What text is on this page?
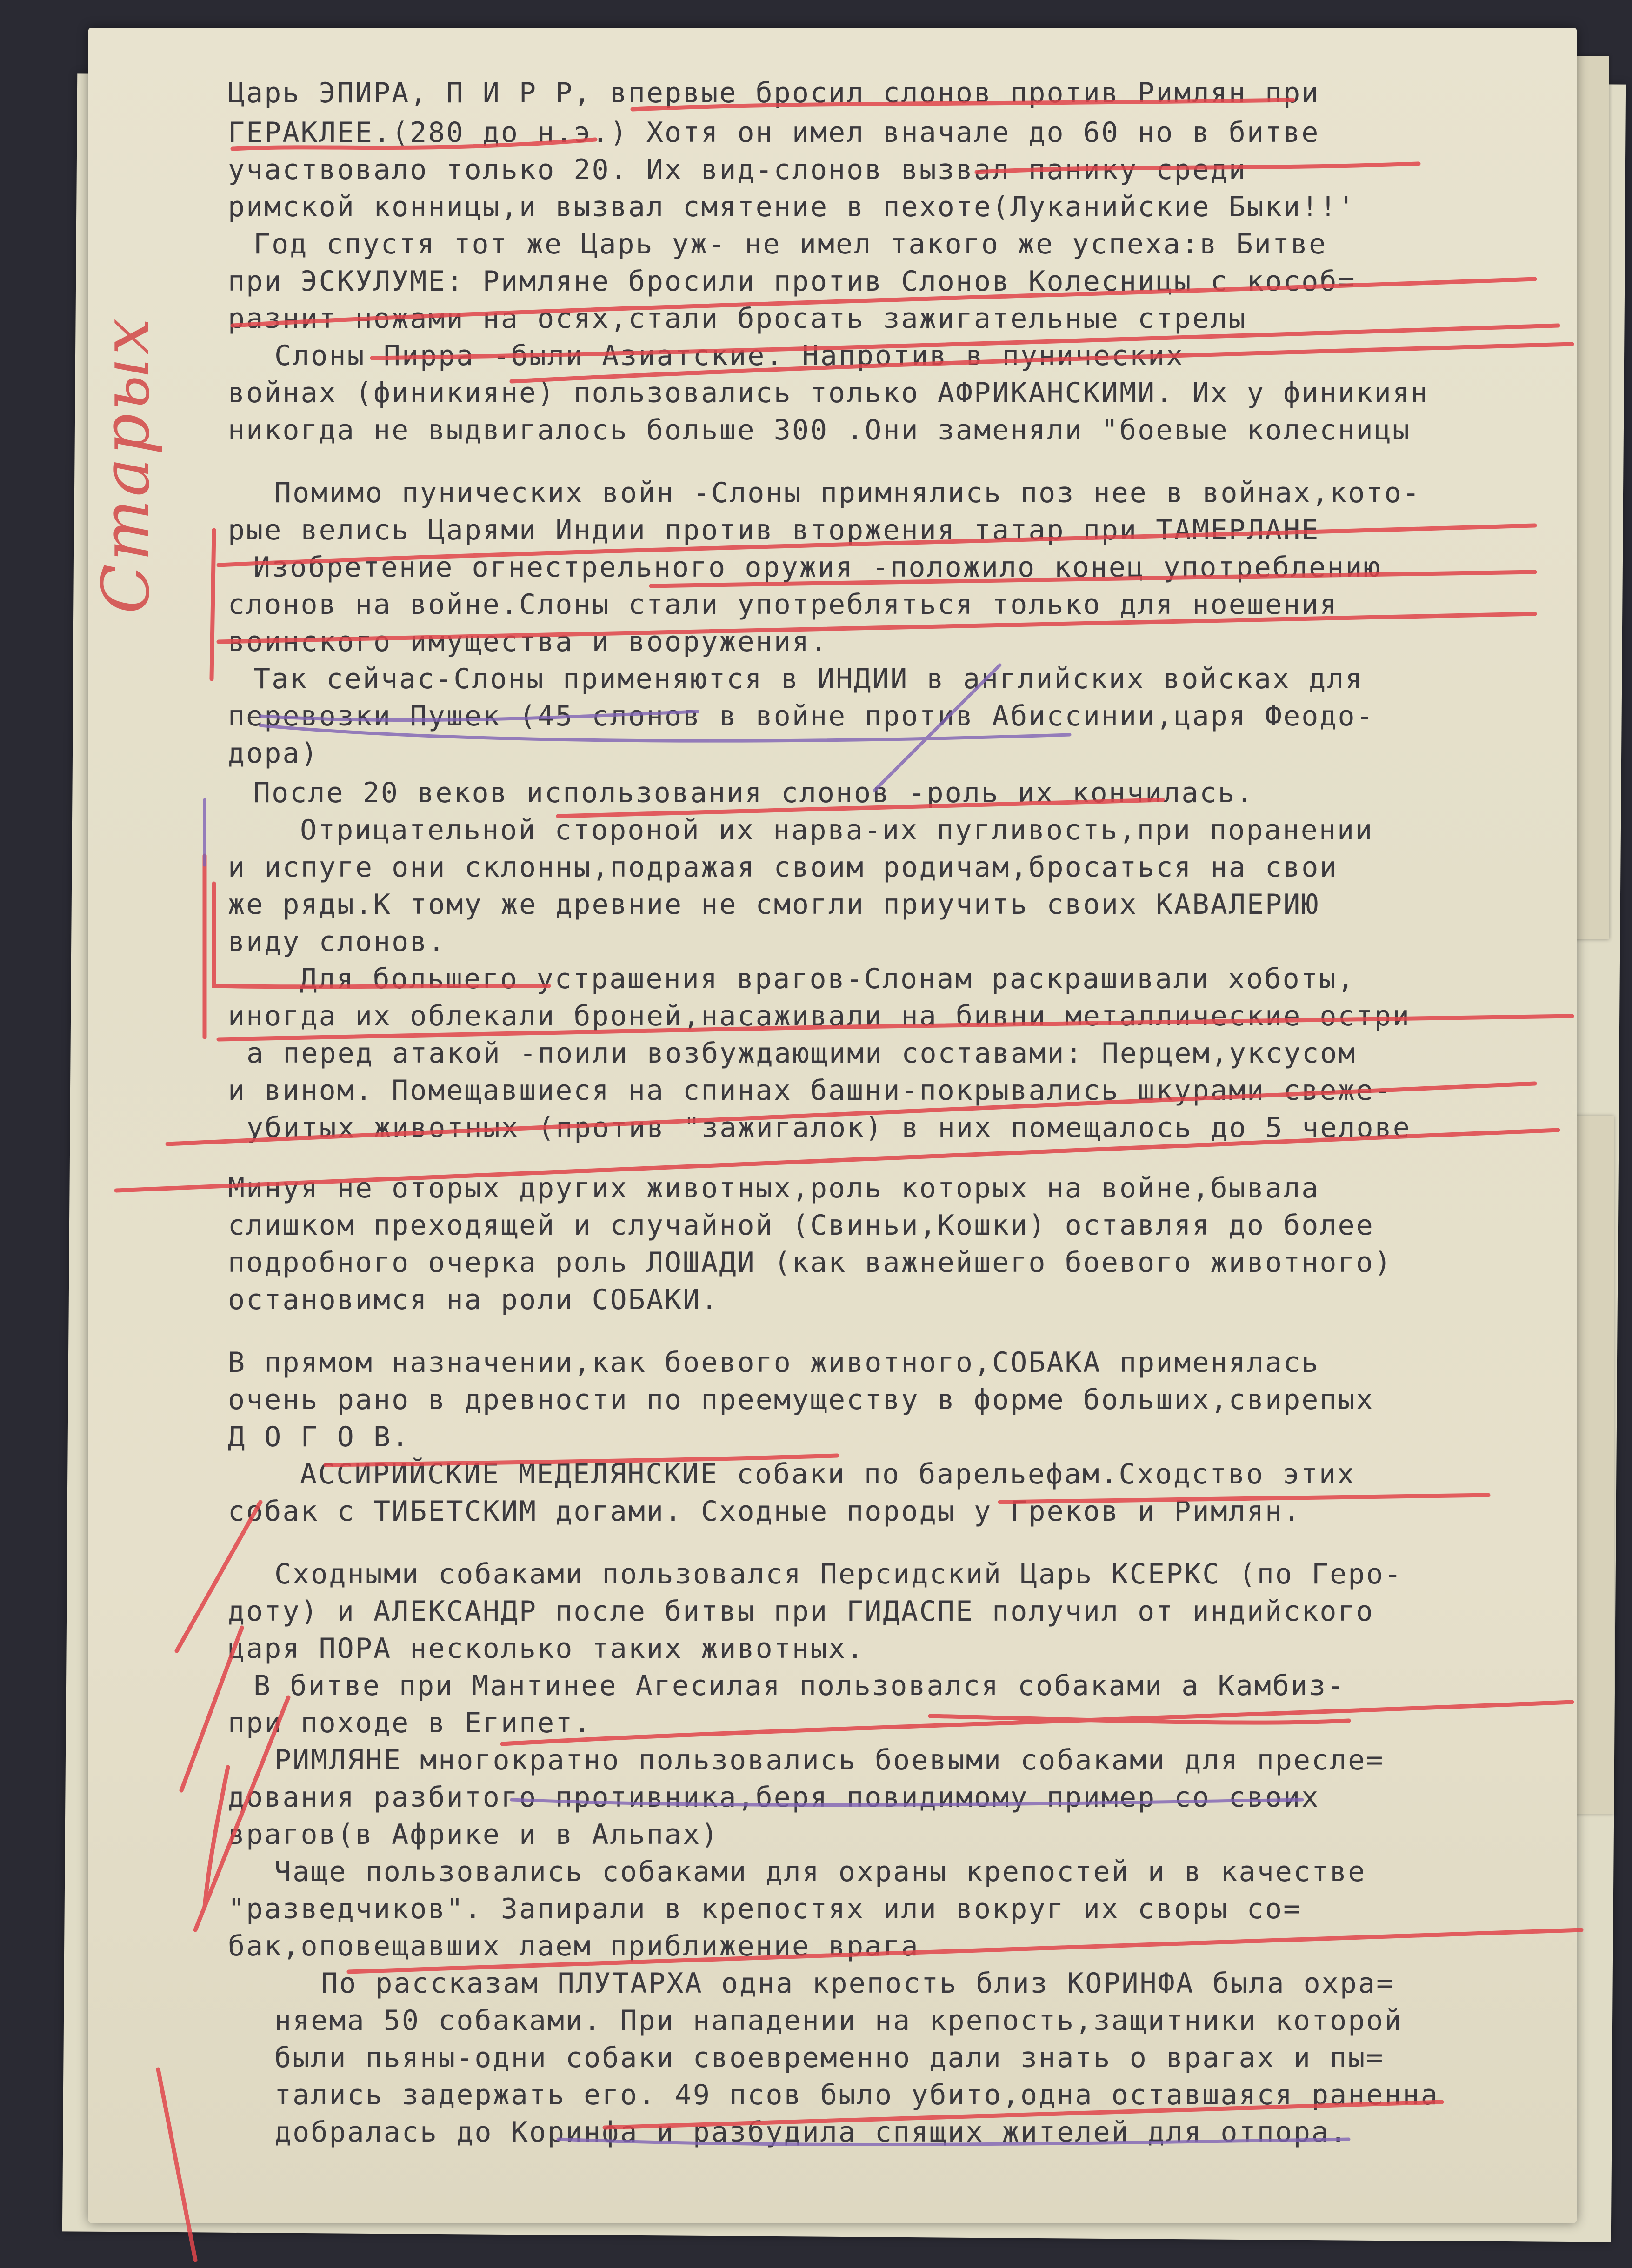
Старых

Царь ЭПИРА, П И Р Р, впервые бросил слонов против Римлян при

ГЕРАКЛЕЕ.(280 до н.э.) Хотя он имел вначале до 60 но в битве

участвовало только 20. Их вид-слонов вызвал панику среди

римской конницы,и вызвал смятение в пехоте(Луканийские Быки!!'

Год спустя тот же Царь уж- не имел такого же успеха:в Битве

при ЭСКУЛУМЕ: Римляне бросили против Слонов Колесницы с кособ=

разнит ножами на осях,стали бросать зажигательные стрелы

Слоны Пирра -были Азиатские. Напротив в пунических

войнах (финикияне) пользовались только АФРИКАНСКИМИ. Их у финикиян

никогда не выдвигалось больше 300 .Они заменяли "боевые колесницы

Помимо пунических войн -Слоны примнялись поз нее в войнах,кото-

рые велись Царями Индии против вторжения татар при ТАМЕРЛАНЕ

Изобретение огнестрельного оружия -положило конец употреблению

слонов на войне.Слоны стали употребляться только для ноешения

воинского имущества и вооружения.

Так сейчас-Слоны применяются в ИНДИИ в английских войсках для

перевозки Пушек (45 слонов в войне против Абиссинии,царя Феодо-

дора)

После 20 веков использования слонов -роль их кончилась.

Отрицательной стороной их нарва-их пугливость,при поранении

и испуге они склонны,подражая своим родичам,бросаться на свои

же ряды.К тому же древние не смогли приучить своих КАВАЛЕРИЮ

виду слонов.

Для большего устрашения врагов-Слонам раскрашивали хоботы,

иногда их облекали броней,насаживали на бивни металлические остри

а перед атакой -поили возбуждающими составами: Перцем,уксусом

и вином. Помещавшиеся на спинах башни-покрывались шкурами свеже-

убитых животных (против "зажигалок) в них помещалось до 5 челове

Минуя не оторых других животных,роль которых на войне,бывала

слишком преходящей и случайной (Свиньи,Кошки) оставляя до более

подробного очерка роль ЛОШАДИ (как важнейшего боевого животного)

остановимся на роли СОБАКИ.

В прямом назначении,как боевого животного,СОБАКА применялась

очень рано в древности по преемуществу в форме больших,свирепых

Д О Г О В.

АССИРИЙСКИЕ МЕДЕЛЯНСКИЕ собаки по барельефам.Сходство этих

собак с ТИБЕТСКИМ догами. Сходные породы у Греков и Римлян.

Сходными собаками пользовался Персидский Царь КСЕРКС (по Геро-

доту) и АЛЕКСАНДР после битвы при ГИДАСПЕ получил от индийского

царя ПОРА несколько таких животных.

В битве при Мантинее Агесилая пользовался собаками а Камбиз-

при походе в Египет.

РИМЛЯНЕ многократно пользовались боевыми собаками для пресле=

дования разбитого противника,беря повидимому пример со своих

врагов(в Африке и в Альпах)

Чаще пользовались собаками для охраны крепостей и в качестве

"разведчиков". Запирали в крепостях или вокруг их своры со=

бак,оповещавших лаем приближение врага

По рассказам ПЛУТАРХА одна крепость близ КОРИНФА была охра=

няема 50 собаками. При нападении на крепость,защитники которой

были пьяны-одни собаки своевременно дали знать о врагах и пы=

тались задержать его. 49 псов было убито,одна оставшаяся раненна

добралась до Коринфа и разбудила спящих жителей для отпора.
